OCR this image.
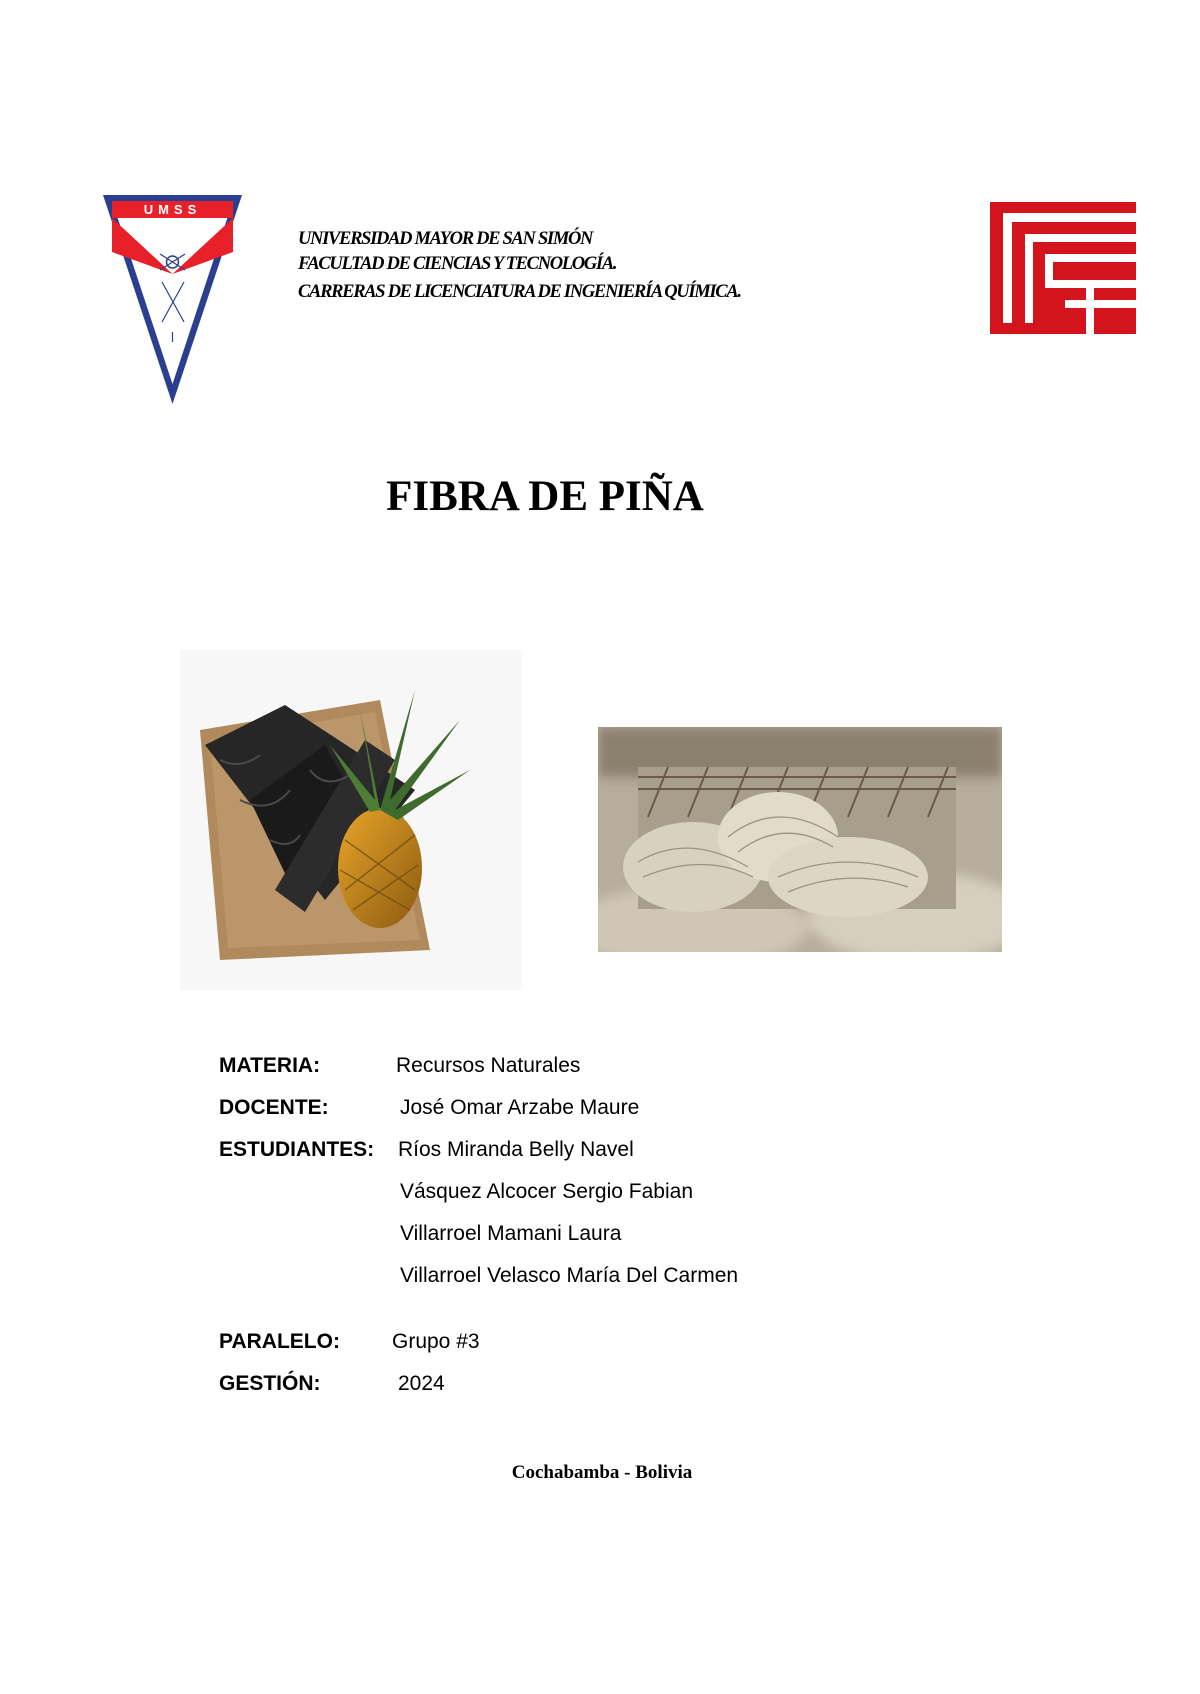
UMSS
UNIVERSIDAD MAYOR DE SAN SIMÓN
FACULTAD DE CIENCIAS Y TECNOLOGÍA.
CARRERAS DE LICENCIATURA DE INGENIERÍA QUÍMICA.
FIBRA DE PIÑA
MATERIA:	Recursos Naturales
DOCENTE:	José Omar Arzabe Maure
ESTUDIANTES: Ríos Miranda Belly Navel
Vásquez Alcocer Sergio Fabian
Villarroel Mamani Laura
Villarroel Velasco María Del Carmen
PARALELO: Grupo #3
GESTIÓN:	2024
Cochabamba - Bolivia
